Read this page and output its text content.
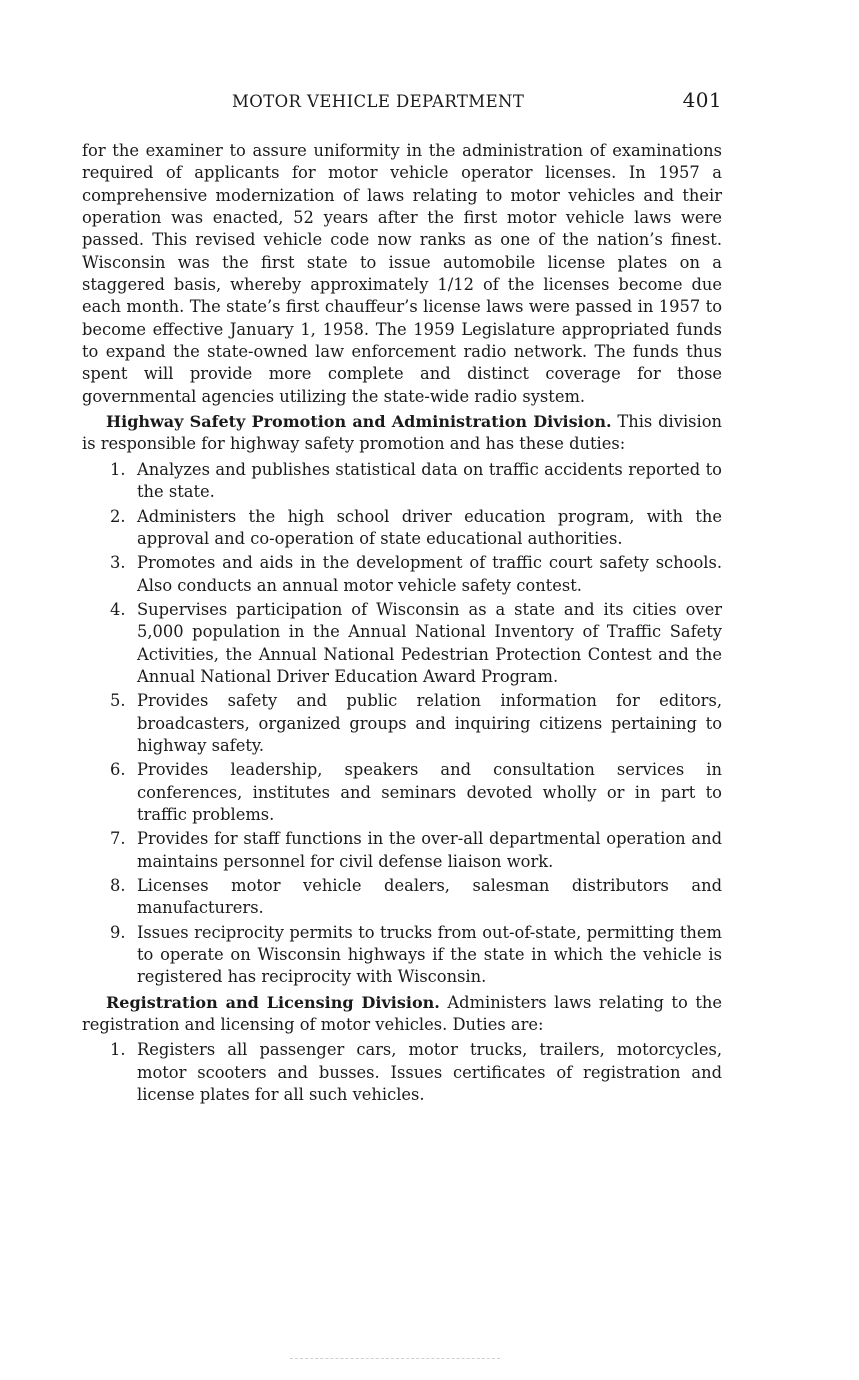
MOTOR VEHICLE DEPARTMENT	401

for the examiner to assure uniformity in the administration of examinations required of applicants for motor vehicle operator licenses. In 1957 a comprehensive modernization of laws relating to motor vehicles and their operation was enacted, 52 years after the first motor vehicle laws were passed. This revised vehicle code now ranks as one of the nation’s finest. Wisconsin was the first state to issue automobile license plates on a staggered basis, whereby approximately 1/12 of the licenses become due each month. The state’s first chauffeur’s license laws were passed in 1957 to become effective January 1, 1958. The 1959 Legislature appropriated funds to expand the state-owned law enforcement radio network. The funds thus spent will provide more complete and distinct coverage for those governmental agencies utilizing the state-wide radio system.

Highway Safety Promotion and Administration Division. This division is responsible for highway safety promotion and has these duties:

1. Analyzes and publishes statistical data on traffic accidents reported to the state.
2. Administers the high school driver education program, with the approval and co-operation of state educational authorities.
3. Promotes and aids in the development of traffic court safety schools. Also conducts an annual motor vehicle safety contest.
4. Supervises participation of Wisconsin as a state and its cities over 5,000 population in the Annual National Inventory of Traffic Safety Activities, the Annual National Pedestrian Protection Contest and the Annual National Driver Education Award Program.
5. Provides safety and public relation information for editors, broadcasters, organized groups and inquiring citizens pertaining to highway safety.
6. Provides leadership, speakers and consultation services in conferences, institutes and seminars devoted wholly or in part to traffic problems.
7. Provides for staff functions in the over-all departmental operation and maintains personnel for civil defense liaison work.
8. Licenses motor vehicle dealers, salesman distributors and manufacturers.
9. Issues reciprocity permits to trucks from out-of-state, permitting them to operate on Wisconsin highways if the state in which the vehicle is registered has reciprocity with Wisconsin.

Registration and Licensing Division. Administers laws relating to the registration and licensing of motor vehicles. Duties are:

1. Registers all passenger cars, motor trucks, trailers, motorcycles, motor scooters and busses. Issues certificates of registration and license plates for all such vehicles.
